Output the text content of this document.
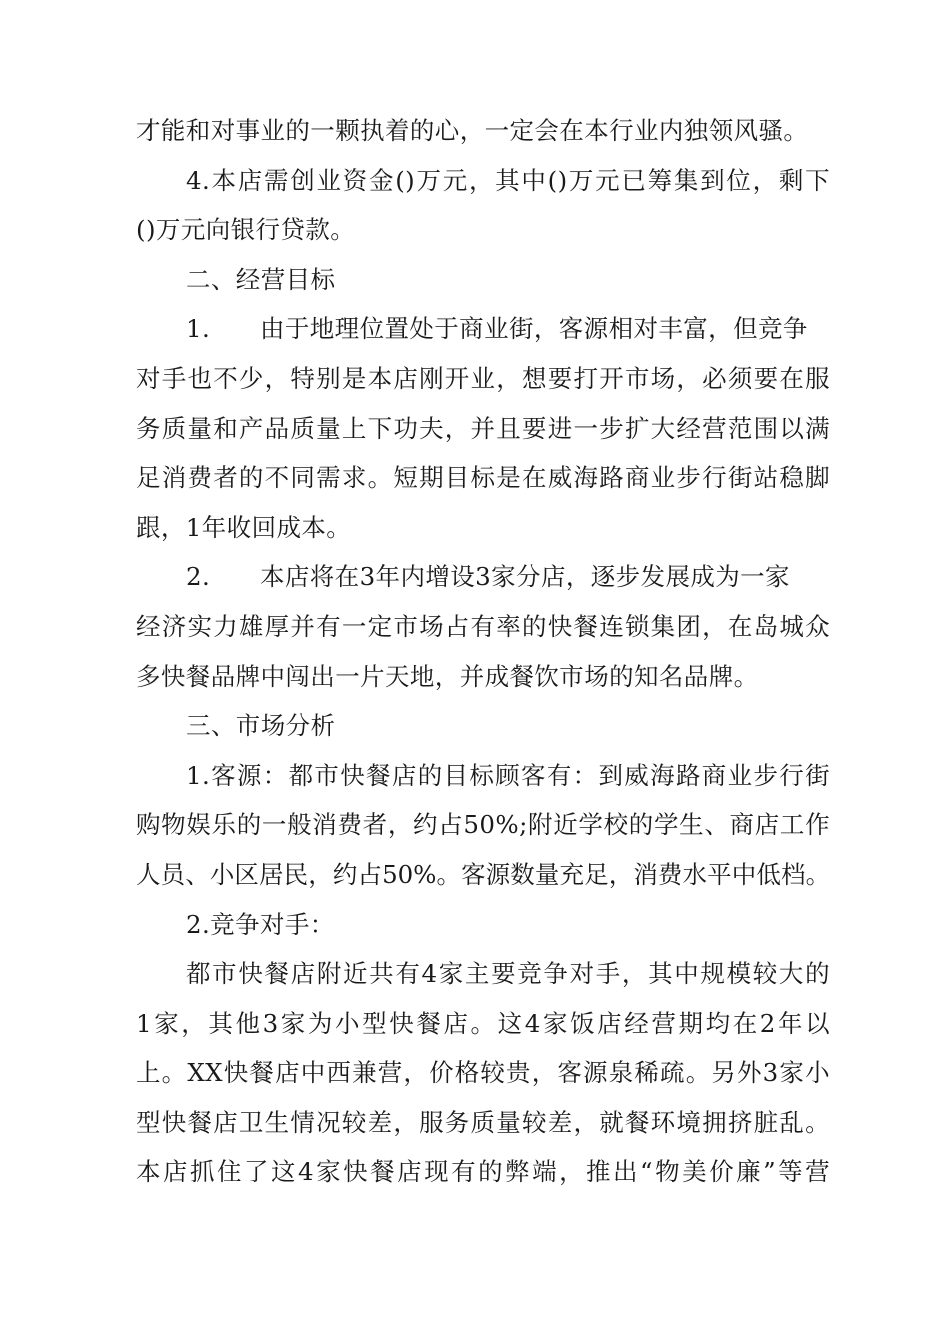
才能和对事业的一颗执着的心，一定会在本行业内独领风骚。
4.本店需创业资金()万元，其中()万元已筹集到位，剩下
()万元向银行贷款。
二、经营目标
1.　　由于地理位置处于商业街，客源相对丰富，但竞争
对手也不少，特别是本店刚开业，想要打开市场，必须要在服
务质量和产品质量上下功夫，并且要进一步扩大经营范围以满
足消费者的不同需求。短期目标是在威海路商业步行街站稳脚
跟，1年收回成本。
2.　　本店将在3年内增设3家分店，逐步发展成为一家
经济实力雄厚并有一定市场占有率的快餐连锁集团，在岛城众
多快餐品牌中闯出一片天地，并成餐饮市场的知名品牌。
三、市场分析
1.客源：都市快餐店的目标顾客有：到威海路商业步行街
购物娱乐的一般消费者，约占50%;附近学校的学生、商店工作
人员、小区居民，约占50%。客源数量充足，消费水平中低档。
2.竞争对手：
都市快餐店附近共有4家主要竞争对手，其中规模较大的
1家，其他3家为小型快餐店。这4家饭店经营期均在2年以
上。XX快餐店中西兼营，价格较贵，客源泉稀疏。另外3家小
型快餐店卫生情况较差，服务质量较差，就餐环境拥挤脏乱。
本店抓住了这4家快餐店现有的弊端，推出“物美价廉”等营
